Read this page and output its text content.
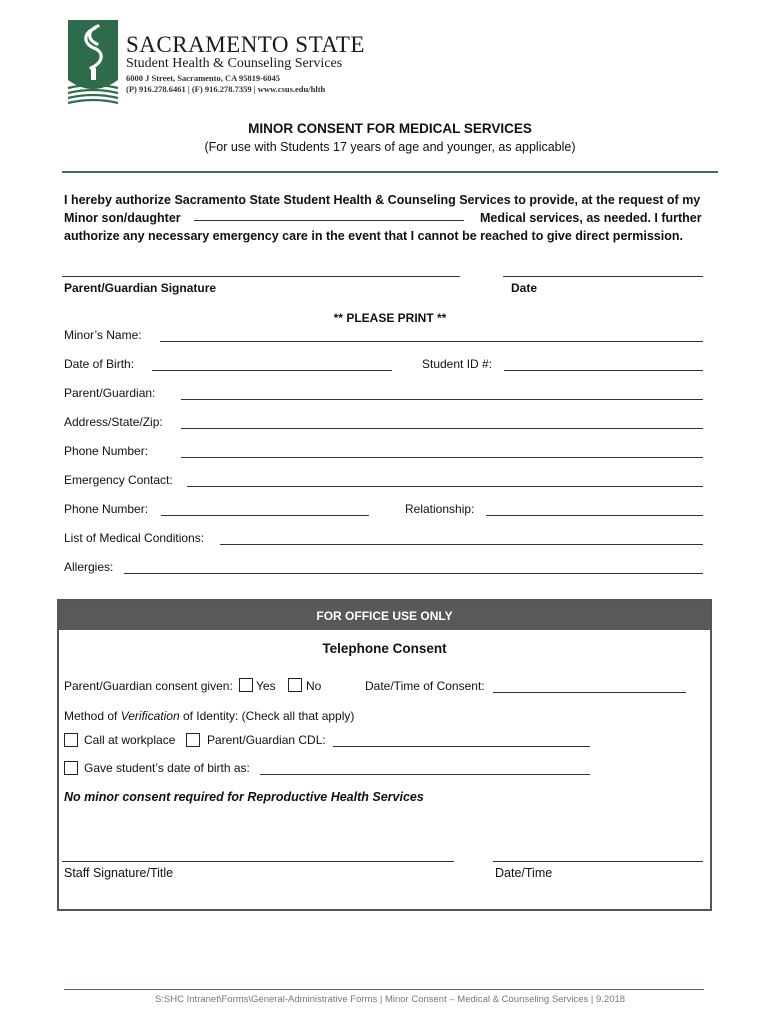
SACRAMENTO STATE
Student Health & Counseling Services
6000 J Street, Sacramento, CA 95819-6045
(P) 916.278.6461 | (F) 916.278.7359 | www.csus.edu/hlth
MINOR CONSENT FOR MEDICAL SERVICES
(For use with Students 17 years of age and younger, as applicable)
I hereby authorize Sacramento State Student Health & Counseling Services to provide, at the request of my
Minor son/daughter	Medical services, as needed. I further
authorize any necessary emergency care in the event that I cannot be reached to give direct permission.
Parent/Guardian Signature	Date
** PLEASE PRINT **
Minor’s Name:
Date of Birth:	Student ID #:
Parent/Guardian:
Address/State/Zip:
Phone Number:
Emergency Contact:
Phone Number:	Relationship:
List of Medical Conditions:
Allergies:
FOR OFFICE USE ONLY
Telephone Consent
Parent/Guardian consent given: Yes	No	Date/Time of Consent:
Method of Verification of Identity: (Check all that apply)
Call at workplace	Parent/Guardian CDL:
Gave student’s date of birth as:
No minor consent required for Reproductive Health Services
Staff Signature/Title	Date/Time
S:SHC Intranet\Forms\General-Administrative Forms | Minor Consent – Medical & Counseling Services | 9.2018
